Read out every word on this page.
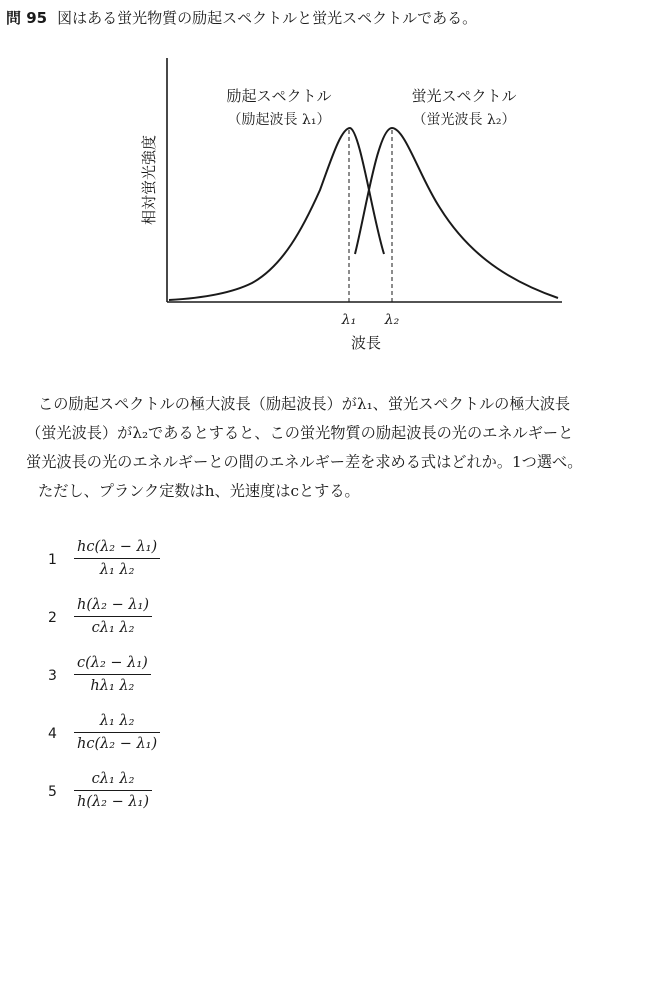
問 95 図はある蛍光物質の励起スペクトルと蛍光スペクトルである。
励起スペクトル
（励起波長 λ₁）
蛍光スペクトル
（蛍光波長 λ₂）
相対蛍光強度
λ₁ λ₂
波長

この励起スペクトルの極大波長（励起波長）がλ₁、蛍光スペクトルの極大波長

（蛍光波長）がλ₂であるとすると、この蛍光物質の励起波長の光のエネルギーと

蛍光波長の光のエネルギーとの間のエネルギー差を求める式はどれか。1つ選べ。

ただし、プランク定数はh、光速度はcとする。

1
hc(λ₂ − λ₁)
λ₁ λ₂
2
h(λ₂ − λ₁)
cλ₁ λ₂
3
c(λ₂ − λ₁)
hλ₁ λ₂
4
λ₁ λ₂
hc(λ₂ − λ₁)
5
cλ₁ λ₂
h(λ₂ − λ₁)
